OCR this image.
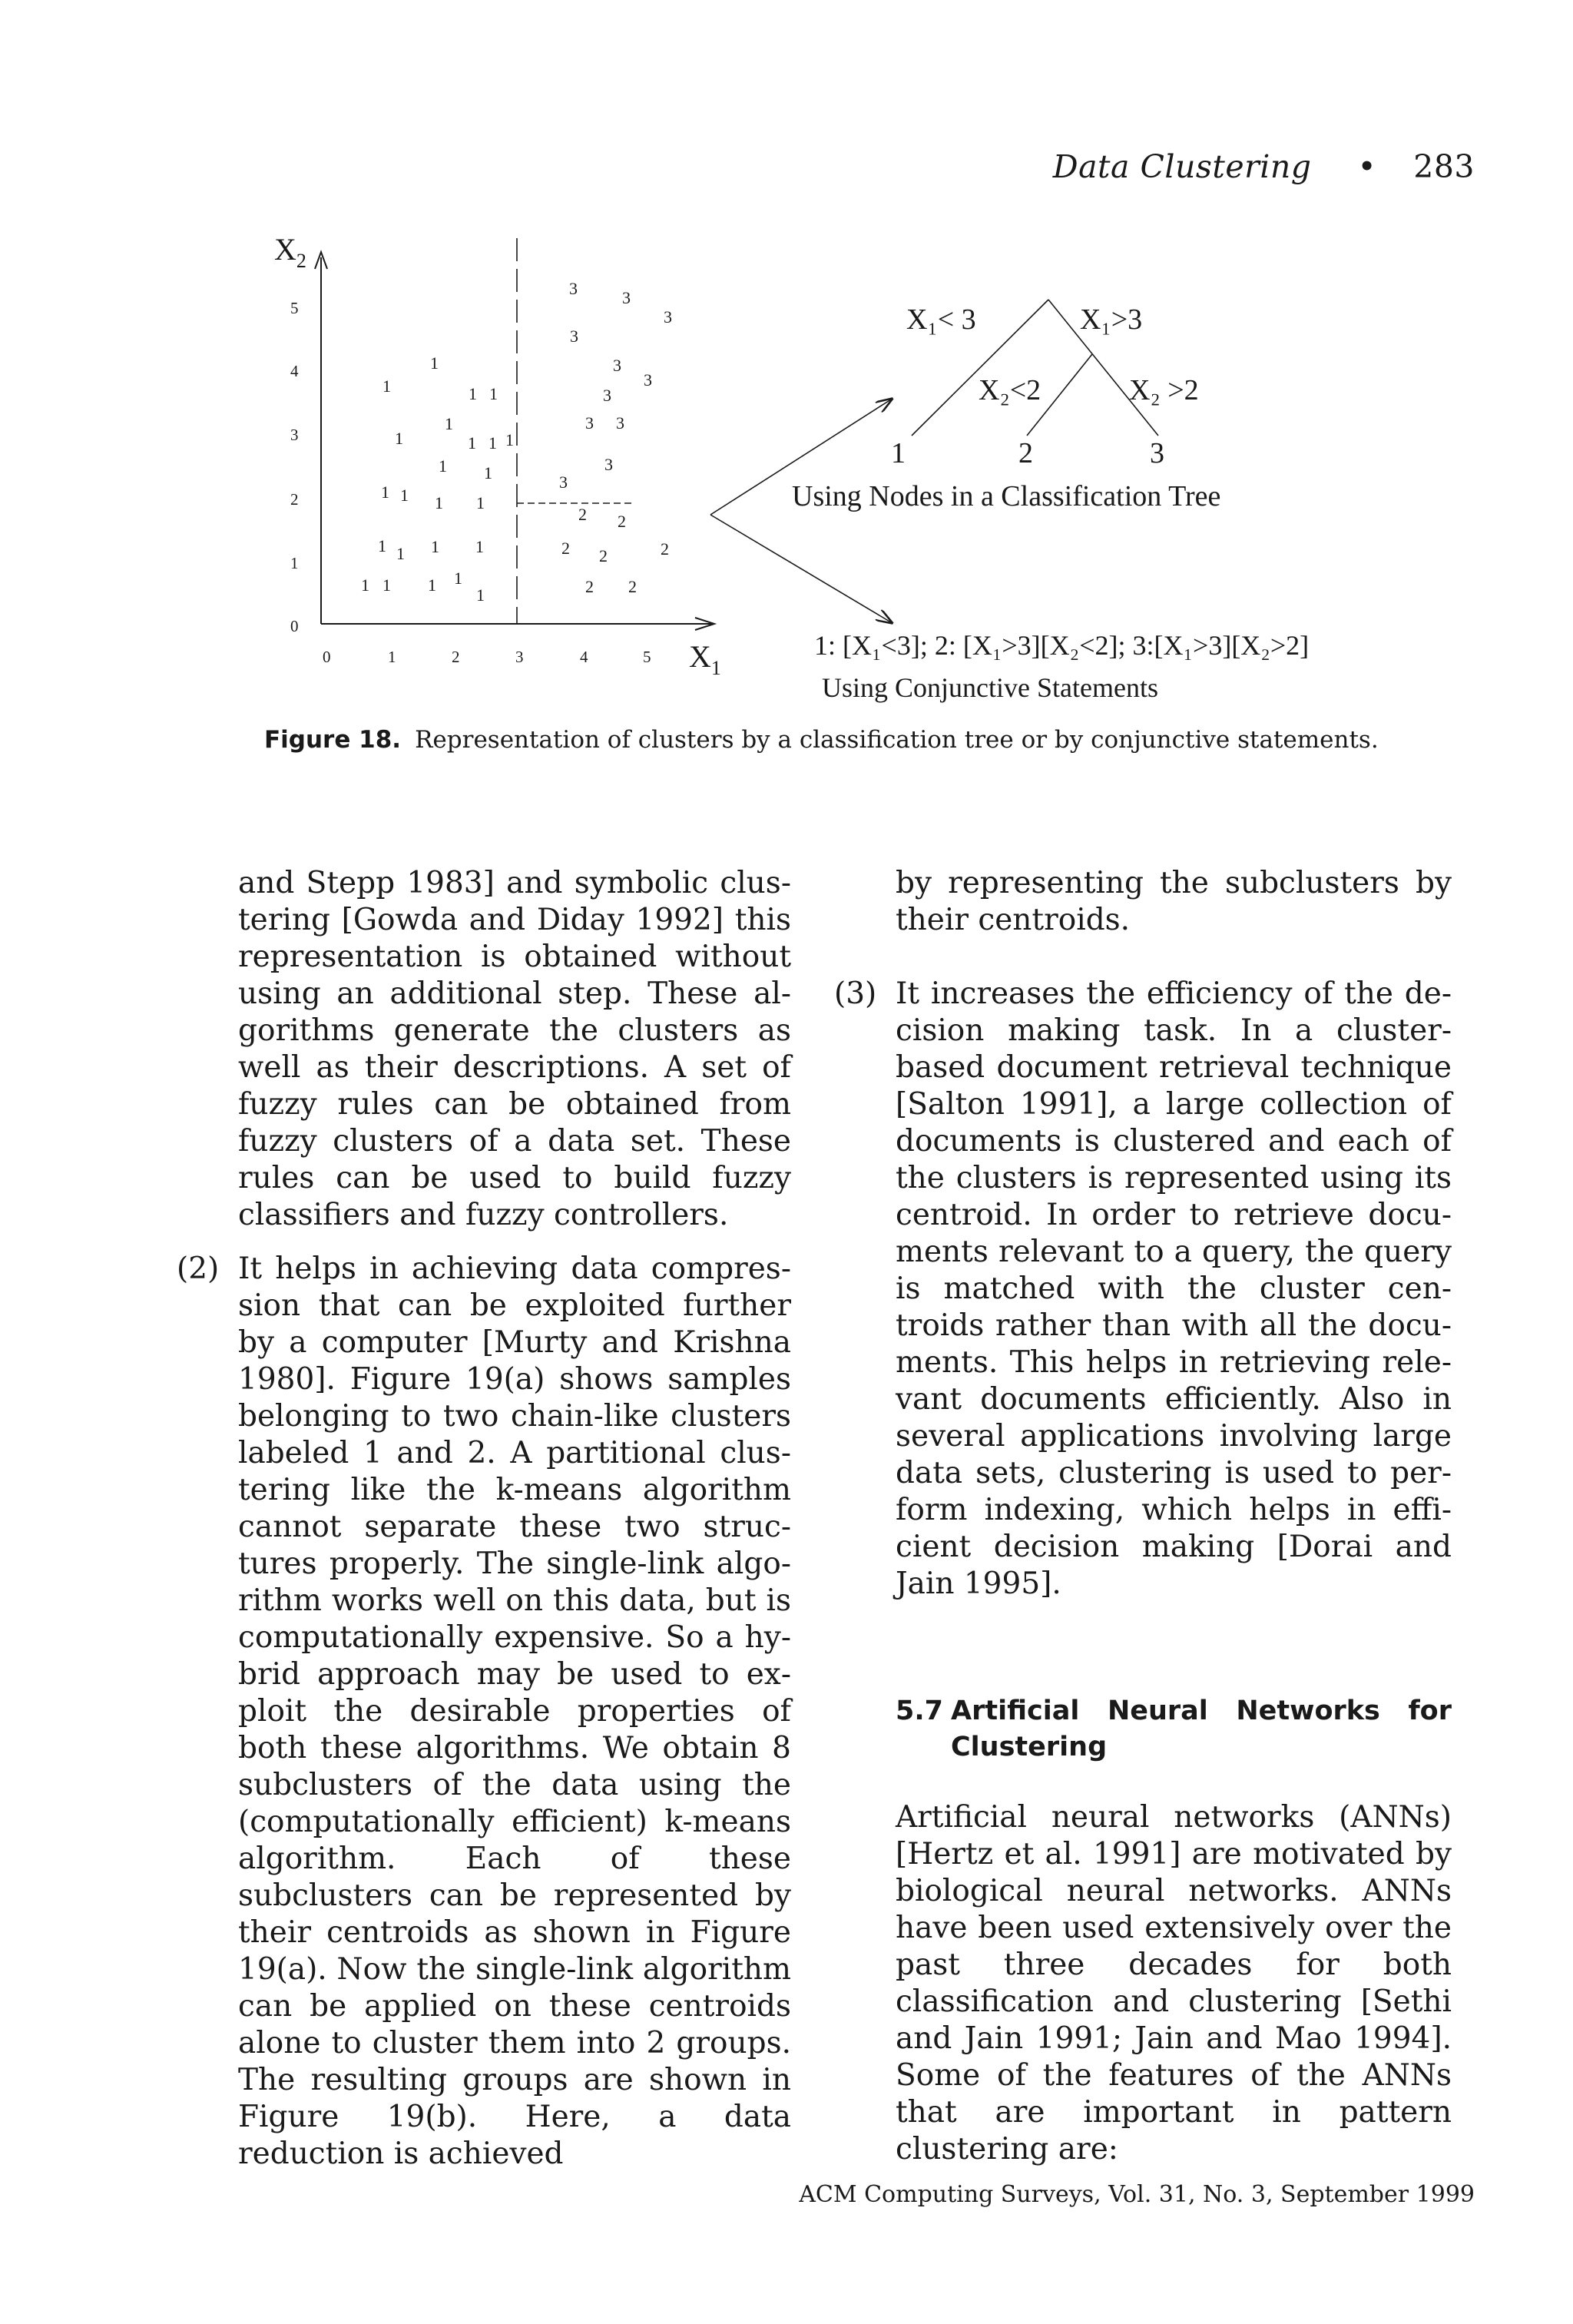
Data Clustering • 283
$X_2$
$X_1$
5
4
3
2
1
0
0	1	2	3	4	5
1
1	1 1
1
1	1 1 1
1 1
1 1 1 1
1 1 1 1
1 1 1 1
1
3	3
3
3
3
3
3
3 3
3
3
2 2
2 2	2
2 2
X₁< 3	X₁>3
X₂<2	X₂ >2
1	2	3
Using Nodes in a Classification Tree
1: [X₁<3]; 2: [X₁>3][X₂<2]; 3:[X₁>3][X₂>2]
Using Conjunctive Statements
Figure 18. Representation of clusters by a classification tree or by conjunctive statements.

and Stepp 1983] and symbolic clustering [Gowda and Diday 1992] this representation is obtained without using an additional step. These algorithms generate the clusters as well as their descriptions. A set of fuzzy rules can be obtained from fuzzy clusters of a data set. These rules can be used to build fuzzy classifiers and fuzzy controllers.

(2) It helps in achieving data compression that can be exploited further by a computer [Murty and Krishna 1980]. Figure 19(a) shows samples belonging to two chain-like clusters labeled 1 and 2. A partitional clustering like the k-means algorithm cannot separate these two structures properly. The single-link algorithm works well on this data, but is computationally expensive. So a hybrid approach may be used to exploit the desirable properties of both these algorithms. We obtain 8 subclusters of the data using the (computationally efficient) k-means algorithm. Each of these subclusters can be represented by their centroids as shown in Figure 19(a). Now the single-link algorithm can be applied on these centroids alone to cluster them into 2 groups. The resulting groups are shown in Figure 19(b). Here, a data reduction is achieved

by representing the subclusters by their centroids.

(3) It increases the efficiency of the decision making task. In a cluster-based document retrieval technique [Salton 1991], a large collection of documents is clustered and each of the clusters is represented using its centroid. In order to retrieve documents relevant to a query, the query is matched with the cluster centroids rather than with all the documents. This helps in retrieving relevant documents efficiently. Also in several applications involving large data sets, clustering is used to perform indexing, which helps in efficient decision making [Dorai and Jain 1995].

5.7 Artificial Neural Networks for Clustering

Artificial neural networks (ANNs) [Hertz et al. 1991] are motivated by biological neural networks. ANNs have been used extensively over the past three decades for both classification and clustering [Sethi and Jain 1991; Jain and Mao 1994]. Some of the features of the ANNs that are important in pattern clustering are:

ACM Computing Surveys, Vol. 31, No. 3, September 1999
